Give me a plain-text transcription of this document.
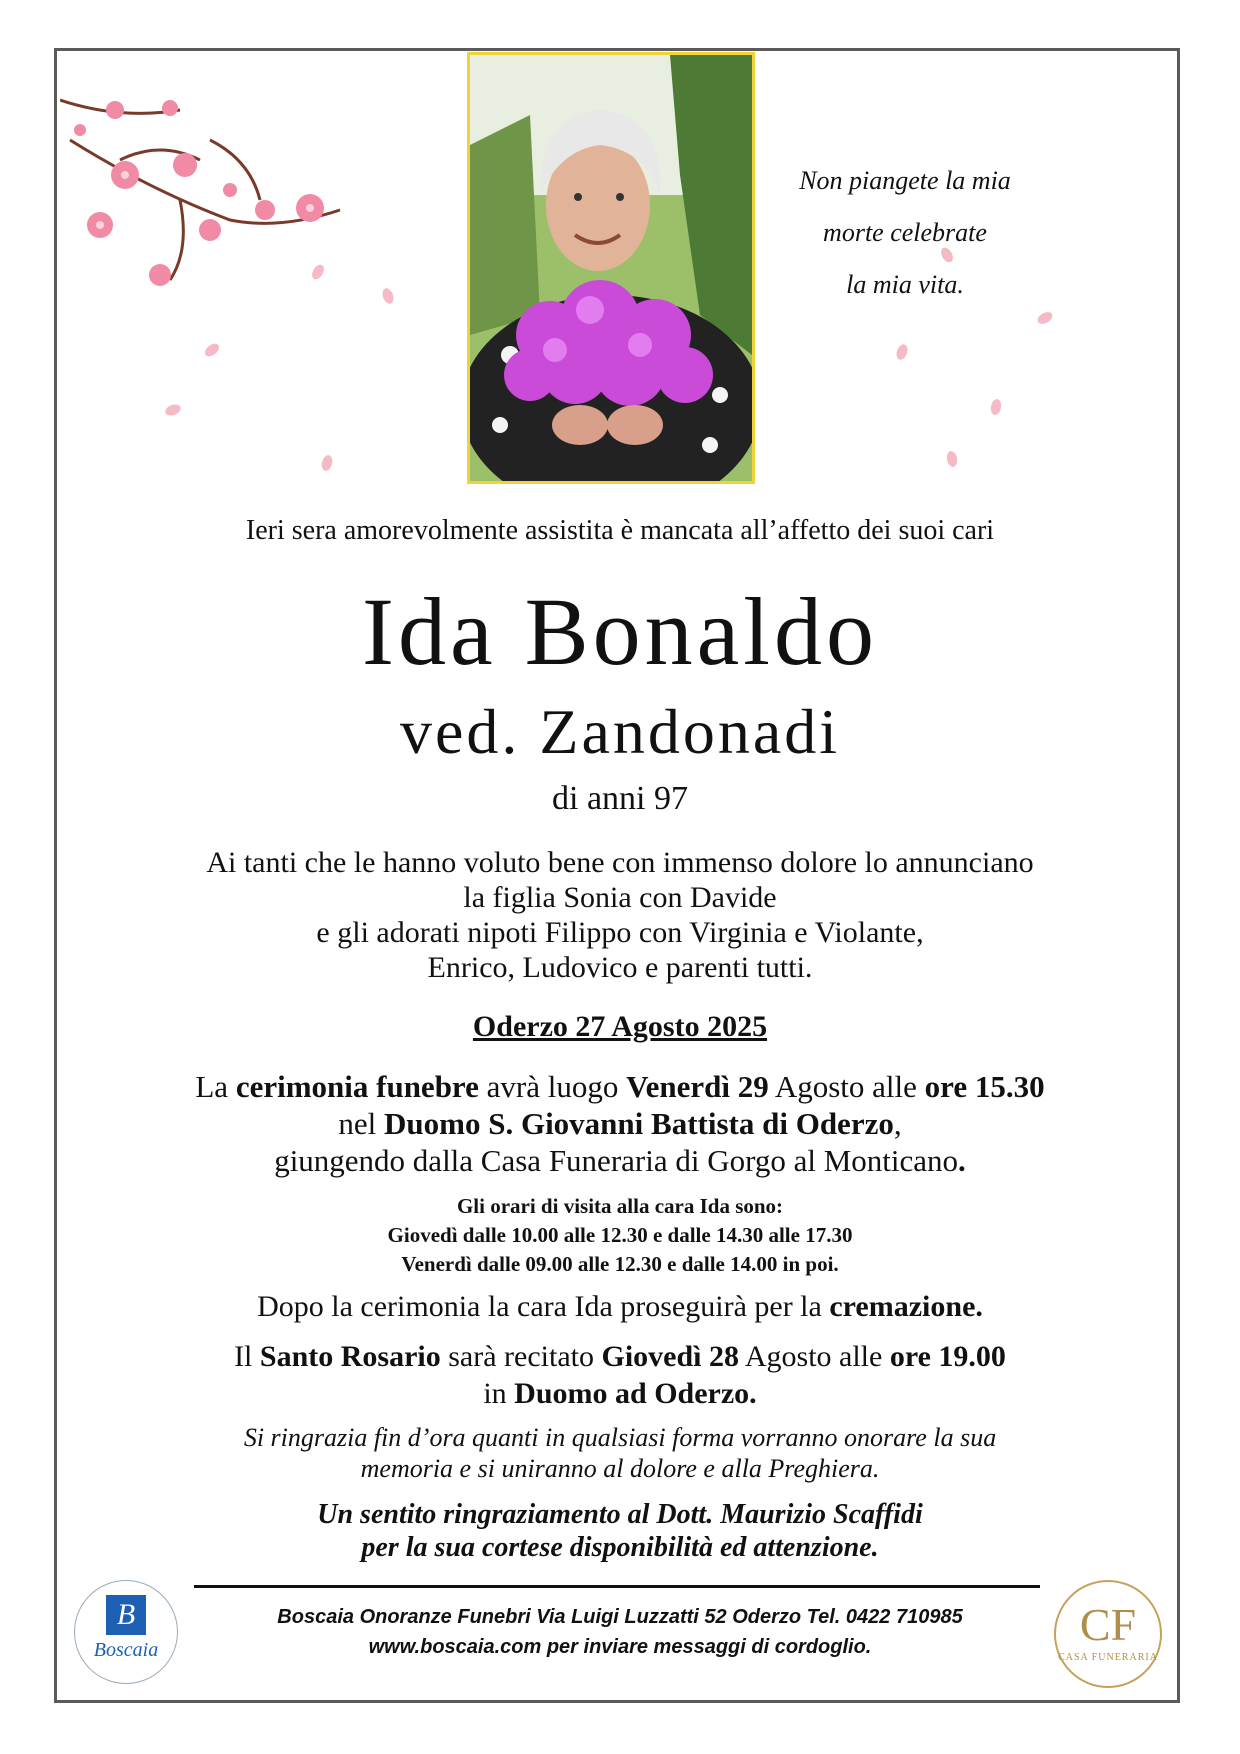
Non piangete la mia
morte celebrate
la mia vita.
Ieri sera amorevolmente assistita è mancata all’affetto dei suoi cari
Ida Bonaldo
ved. Zandonadi
di anni 97
Ai tanti che le hanno voluto bene con immenso dolore lo annunciano
la figlia Sonia con Davide
e gli adorati nipoti Filippo con Virginia e Violante,
Enrico, Ludovico e parenti tutti.
Oderzo 27 Agosto 2025
La cerimonia funebre avrà luogo Venerdì 29 Agosto alle ore 15.30
nel Duomo S. Giovanni Battista di Oderzo,
giungendo dalla Casa Funeraria di Gorgo al Monticano.
Gli orari di visita alla cara Ida sono:
Giovedì dalle 10.00 alle 12.30 e dalle 14.30 alle 17.30
Venerdì dalle 09.00 alle 12.30 e dalle 14.00 in poi.
Dopo la cerimonia la cara Ida proseguirà per la cremazione.
Il Santo Rosario sarà recitato Giovedì 28 Agosto alle ore 19.00
in Duomo ad Oderzo.
Si ringrazia fin d’ora quanti in qualsiasi forma vorranno onorare la sua
memoria e si uniranno al dolore e alla Preghiera.
Un sentito ringraziamento al Dott. Maurizio Scaffidi
per la sua cortese disponibilità ed attenzione.
B
Boscaia
Boscaia Onoranze Funebri Via Luigi Luzzatti 52 Oderzo Tel. 0422 710985
www.boscaia.com per inviare messaggi di cordoglio.	CF
CASA FUNERARIA
